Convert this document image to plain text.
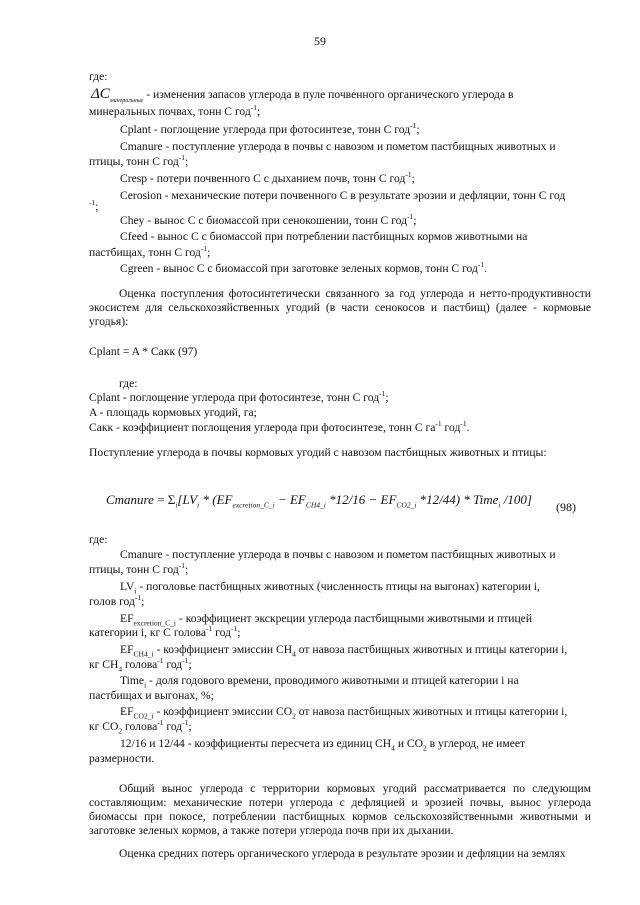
59
где:
$\Delta C_{минеральные}$ - изменения запасов углерода в пуле почвенного органического углерода в
минеральных почвах, тонн С год$^{-1}$;
Cplant - поглощение углерода при фотосинтезе, тонн С год$^{-1}$;
Cmanure - поступление углерода в почвы с навозом и пометом пастбищных животных и
птицы, тонн С год$^{-1}$;
Cresp - потери почвенного С с дыханием почв, тонн С год$^{-1}$;
Cerosion - механические потери почвенного С в результате эрозии и дефляции, тонн С год
$^{-1}$;
Chey - вынос С с биомассой при сенокошении, тонн С год$^{-1}$;
Cfeed - вынос С с биомассой при потреблении пастбищных кормов животными на
пастбищах, тонн С год$^{-1}$;
Cgreen - вынос С с биомассой при заготовке зеленых кормов, тонн С год$^{-1}$.
Оценка поступления фотосинтетически связанного за год углерода и нетто-продуктивности экосистем для сельскохозяйственных угодий (в части сенокосов и пастбищ) (далее - кормовые угодья):
Cplant = A * Cакк (97)
где:
Cplant - поглощение углерода при фотосинтезе, тонн С год$^{-1}$;
A - площадь кормовых угодий, га;
Cакк - коэффициент поглощения углерода при фотосинтезе, тонн С $га^{-1}$ год$^{-1}$.
Поступление углерода в почвы кормовых угодий с навозом пастбищных животных и птицы:
Cmanure = $\Sigma_i[LV_i * (EF_{excretion\_C\_i} - EF_{CH4\_i}$ $*12/16 - EF_{CO2\_i}$ *12/44) * Time$_i$ /100] (98)
где:
Cmanure - поступление углерода в почвы с навозом и пометом пастбищных животных и
птицы, тонн С год$^{-1}$;
$LV_i$ - поголовье пастбищных животных (численность птицы на выгонах) категории i,
голов год$^{-1}$;
$EF_{excretion\_C\_i}$ - коэффициент экскреции углерода пастбищными животными и птицей
категории i, кг С голова$^{-1}$ год$^{-1}$;
$EF_{CH4\_i}$ - коэффициент эмиссии $CH_4$ от навоза пастбищных животных и птицы категории i,
кг $CH_4$ голова$^{-1}$ год$^{-1}$;
Time$_i$ - доля годового времени, проводимого животными и птицей категории i на
пастбищах и выгонах, %;
$EF_{CO2\_i}$ - коэффициент эмиссии $CO_2$ от навоза пастбищных животных и птицы категории i,
кг $CO_2$ голова$^{-1}$ год$^{-1}$;
12/16 и 12/44 - коэффициенты пересчета из единиц $CH_4$ и $CO_2$ в углерод, не имеет
размерности.
Общий вынос углерода с территории кормовых угодий рассматривается по следующим составляющим: механические потери углерода с дефляцией и эрозией почвы, вынос углерода биомассы при покосе, потреблении пастбищных кормов сельскохозяйственными животными и заготовке зеленых кормов, а также потери углерода почв при их дыхании.
Оценка средних потерь органического углерода в результате эрозии и дефляции на землях
